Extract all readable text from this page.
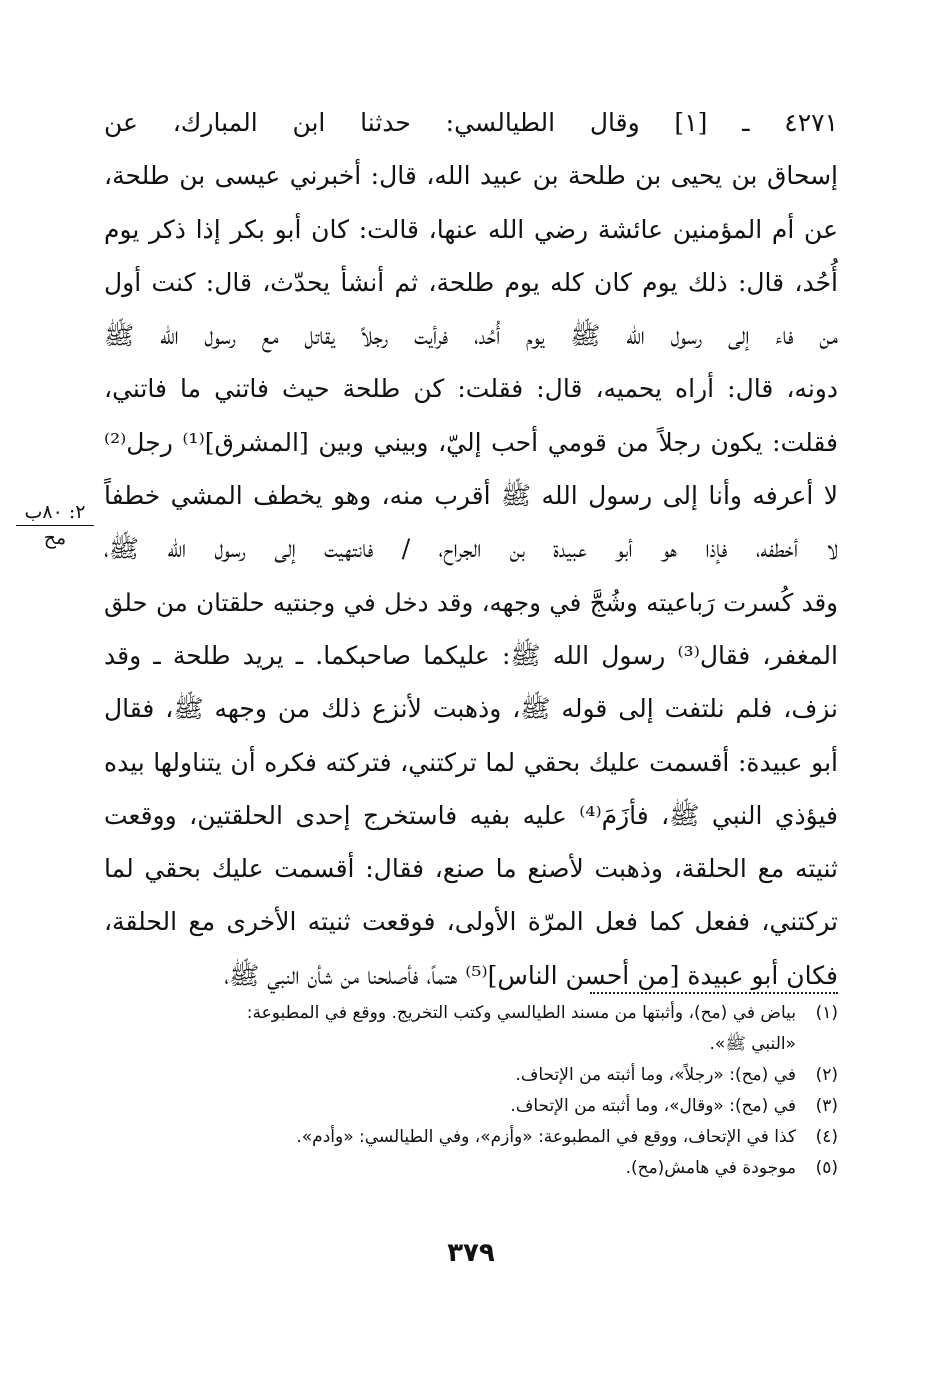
٤٢٧١ ـ [١] وقال الطيالسي: حدثنا ابن المبارك، عن
إسحاق بن يحيى بن طلحة بن عبيد الله، قال: أخبرني عيسى بن طلحة،
عن أم المؤمنين عائشة رضي الله عنها، قالت: كان أبو بكر إذا ذكر يوم
أُحُد، قال: ذلك يوم كان كله يوم طلحة، ثم أنشأ يحدّث، قال: كنت أول
من فاء إلى رسول الله ﷺ يوم أُحُد، فرأيت رجلاً يقاتل مع رسول الله ﷺ
دونه، قال: أراه يحميه، قال: فقلت: كن طلحة حيث فاتني ما فاتني،
فقلت: يكون رجلاً من قومي أحب إليّ، وبيني وبين [المشرق]⁽¹⁾ رجل⁽²⁾
لا أعرفه وأنا إلى رسول الله ﷺ أقرب منه، وهو يخطف المشي خطفاً
لا أخطفه، فإذا هو أبو عبيدة بن الجراح، / فانتهيت إلى رسول الله ﷺ،
وقد كُسرت رَباعيته وشُجَّ في وجهه، وقد دخل في وجنتيه حلقتان من حلق
المغفر، فقال⁽³⁾ رسول الله ﷺ: عليكما صاحبكما. ـ يريد طلحة ـ وقد
نزف، فلم نلتفت إلى قوله ﷺ، وذهبت لأنزع ذلك من وجهه ﷺ، فقال
أبو عبيدة: أقسمت عليك بحقي لما تركتني، فتركته فكره أن يتناولها بيده
فيؤذي النبي ﷺ، فأزَمَ⁽⁴⁾ عليه بفيه فاستخرج إحدى الحلقتين، ووقعت
ثنيته مع الحلقة، وذهبت لأصنع ما صنع، فقال: أقسمت عليك بحقي لما
تركتني، ففعل كما فعل المرّة الأولى، فوقعت ثنيته الأخرى مع الحلقة،
فكان أبو عبيدة [من أحسن الناس]⁽⁵⁾ هتماً، فأصلحنا من شأن النبي ﷺ،
٢: ٨٠ب
مح
(١)
بياض في (مح)، وأثبتها من مسند الطيالسي وكتب التخريج. ووقع في المطبوعة:
«النبي ﷺ».
(٢)
في (مح): «رجلاً»، وما أثبته من الإتحاف.
(٣)
في (مح): «وقال»، وما أثبته من الإتحاف.
(٤)
كذا في الإتحاف، ووقع في المطبوعة: «وأزم»، وفي الطيالسي: «وأدم».
(٥)
موجودة في هامش(مح).
٣٧٩
